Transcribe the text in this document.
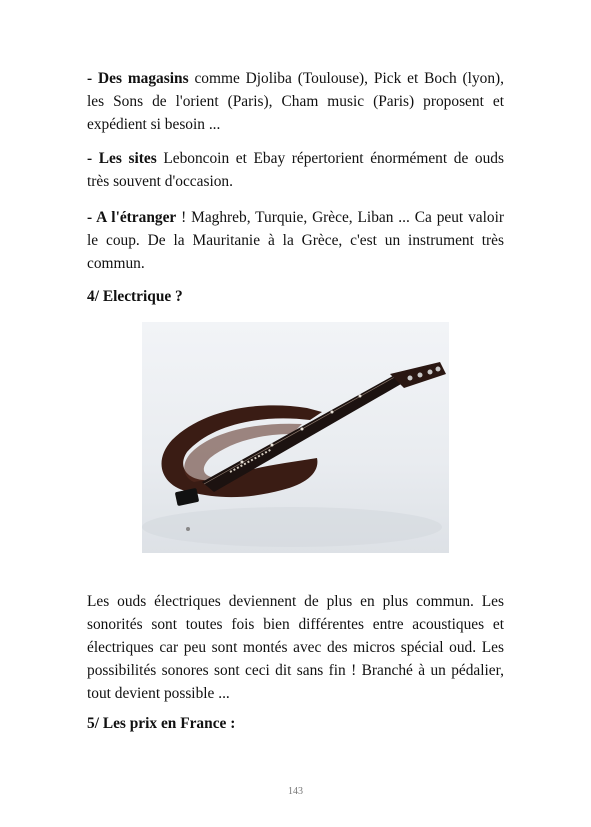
- Des magasins comme Djoliba (Toulouse), Pick et Boch (lyon), les Sons de l'orient (Paris), Cham music (Paris) proposent et expédient si besoin ...

- Les sites Leboncoin et Ebay répertorient énormément de ouds très souvent d'occasion.

- A l'étranger ! Maghreb, Turquie, Grèce, Liban ... Ca peut valoir le coup. De la Mauritanie à la Grèce, c'est un instrument très commun.

4/ Electrique ?

Les ouds électriques deviennent de plus en plus commun. Les sonorités sont toutes fois bien différentes entre acoustiques et électriques car peu sont montés avec des micros spécial oud. Les possibilités sonores sont ceci dit sans fin ! Branché à un pédalier, tout devient possible ...

5/ Les prix en France :
143
